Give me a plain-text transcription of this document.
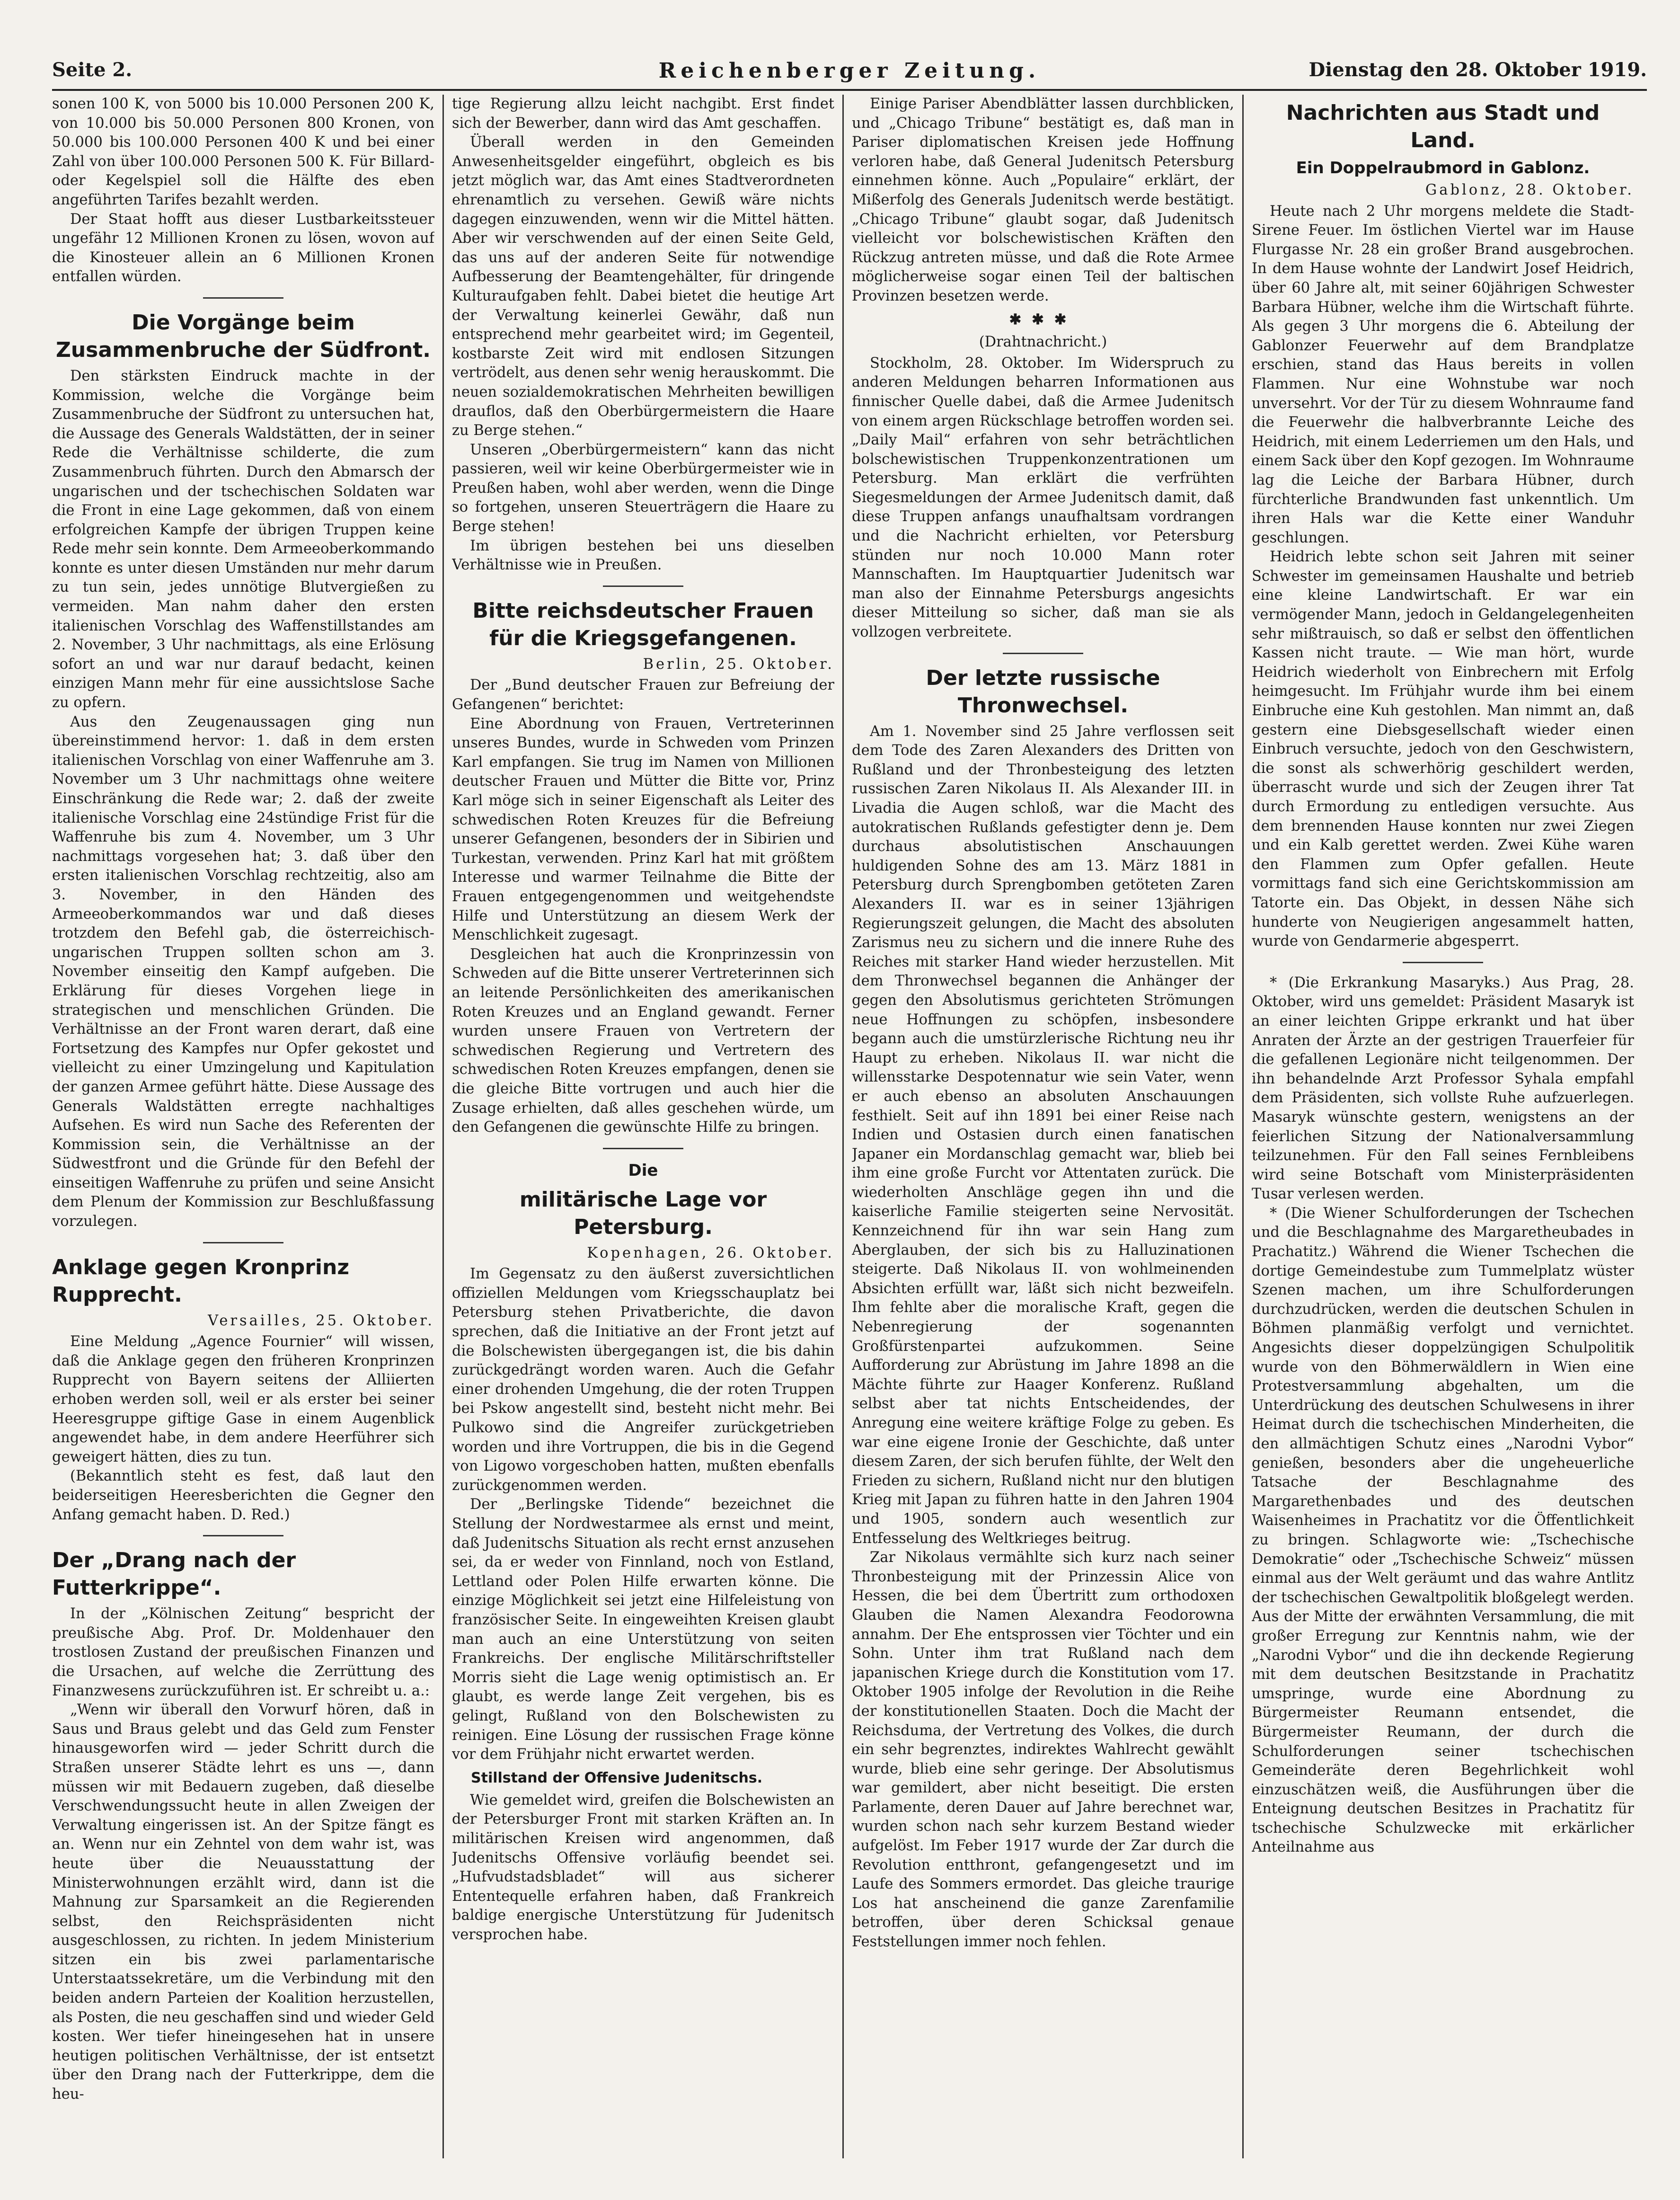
Seite 2.	Reichenberger Zeitung.	Dienstag den 28. Oktober 1919.

sonen 100 K, von 5000 bis 10.000 Personen 200 K, von 10.000 bis 50.000 Personen 800 Kronen, von 50.000 bis 100.000 Personen 400 K und bei einer Zahl von über 100.000 Personen 500 K. Für Billard- oder Kegelspiel soll die Hälfte des eben angeführten Tarifes bezahlt werden.

Der Staat hofft aus dieser Lustbarkeitssteuer ungefähr 12 Millionen Kronen zu lösen, wovon auf die Kinosteuer allein an 6 Millionen Kronen entfallen würden.

Die Vorgänge beim Zusammenbruche der Südfront.

Den stärksten Eindruck machte in der Kommission, welche die Vorgänge beim Zusammenbruche der Südfront zu untersuchen hat, die Aussage des Generals Waldstätten, der in seiner Rede die Verhältnisse schilderte, die zum Zusammenbruch führten. Durch den Abmarsch der ungarischen und der tschechischen Soldaten war die Front in eine Lage gekommen, daß von einem erfolgreichen Kampfe der übrigen Truppen keine Rede mehr sein konnte. Dem Armeeoberkommando konnte es unter diesen Umständen nur mehr darum zu tun sein, jedes unnötige Blutvergießen zu vermeiden. Man nahm daher den ersten italienischen Vorschlag des Waffenstillstandes am 2. November, 3 Uhr nachmittags, als eine Erlösung sofort an und war nur darauf bedacht, keinen einzigen Mann mehr für eine aussichtslose Sache zu opfern.

Aus den Zeugenaussagen ging nun übereinstimmend hervor: 1. daß in dem ersten italienischen Vorschlag von einer Waffenruhe am 3. November um 3 Uhr nachmittags ohne weitere Einschränkung die Rede war; 2. daß der zweite italienische Vorschlag eine 24stündige Frist für die Waffenruhe bis zum 4. November, um 3 Uhr nachmittags vorgesehen hat; 3. daß über den ersten italienischen Vorschlag rechtzeitig, also am 3. November, in den Händen des Armeeoberkommandos war und daß dieses trotzdem den Befehl gab, die österreichisch-ungarischen Truppen sollten schon am 3. November einseitig den Kampf aufgeben. Die Erklärung für dieses Vorgehen liege in strategischen und menschlichen Gründen. Die Verhältnisse an der Front waren derart, daß eine Fortsetzung des Kampfes nur Opfer gekostet und vielleicht zu einer Umzingelung und Kapitulation der ganzen Armee geführt hätte. Diese Aussage des Generals Waldstätten erregte nachhaltiges Aufsehen. Es wird nun Sache des Referenten der Kommission sein, die Verhältnisse an der Südwestfront und die Gründe für den Befehl der einseitigen Waffenruhe zu prüfen und seine Ansicht dem Plenum der Kommission zur Beschlußfassung vorzulegen.

Anklage gegen Kronprinz Rupprecht.
Versailles, 25. Oktober.

Eine Meldung „Agence Fournier“ will wissen, daß die Anklage gegen den früheren Kronprinzen Rupprecht von Bayern seitens der Alliierten erhoben werden soll, weil er als erster bei seiner Heeresgruppe giftige Gase in einem Augenblick angewendet habe, in dem andere Heerführer sich geweigert hätten, dies zu tun.

(Bekanntlich steht es fest, daß laut den beiderseitigen Heeresberichten die Gegner den Anfang gemacht haben. D. Red.)

Der „Drang nach der Futterkrippe“.

In der „Kölnischen Zeitung“ bespricht der preußische Abg. Prof. Dr. Moldenhauer den trostlosen Zustand der preußischen Finanzen und die Ursachen, auf welche die Zerrüttung des Finanzwesens zurückzuführen ist. Er schreibt u. a.:

„Wenn wir überall den Vorwurf hören, daß in Saus und Braus gelebt und das Geld zum Fenster hinausgeworfen wird — jeder Schritt durch die Straßen unserer Städte lehrt es uns —, dann müssen wir mit Bedauern zugeben, daß dieselbe Verschwendungssucht heute in allen Zweigen der Verwaltung eingerissen ist. An der Spitze fängt es an. Wenn nur ein Zehntel von dem wahr ist, was heute über die Neuausstattung der Ministerwohnungen erzählt wird, dann ist die Mahnung zur Sparsamkeit an die Regierenden selbst, den Reichspräsidenten nicht ausgeschlossen, zu richten. In jedem Ministerium sitzen ein bis zwei parlamentarische Unterstaatssekretäre, um die Verbindung mit den beiden andern Parteien der Koalition herzustellen, als Posten, die neu geschaffen sind und wieder Geld kosten. Wer tiefer hineingesehen hat in unsere heutigen politischen Verhältnisse, der ist entsetzt über den Drang nach der Futterkrippe, dem die heu-

tige Regierung allzu leicht nachgibt. Erst findet sich der Bewerber, dann wird das Amt geschaffen.

Überall werden in den Gemeinden Anwesenheitsgelder eingeführt, obgleich es bis jetzt möglich war, das Amt eines Stadtverordneten ehrenamtlich zu versehen. Gewiß wäre nichts dagegen einzuwenden, wenn wir die Mittel hätten. Aber wir verschwenden auf der einen Seite Geld, das uns auf der anderen Seite für notwendige Aufbesserung der Beamtengehälter, für dringende Kulturaufgaben fehlt. Dabei bietet die heutige Art der Verwaltung keinerlei Gewähr, daß nun entsprechend mehr gearbeitet wird; im Gegenteil, kostbarste Zeit wird mit endlosen Sitzungen vertrödelt, aus denen sehr wenig herauskommt. Die neuen sozialdemokratischen Mehrheiten bewilligen drauflos, daß den Oberbürgermeistern die Haare zu Berge stehen.“

Unseren „Oberbürgermeistern“ kann das nicht passieren, weil wir keine Oberbürgermeister wie in Preußen haben, wohl aber werden, wenn die Dinge so fortgehen, unseren Steuerträgern die Haare zu Berge stehen!

Im übrigen bestehen bei uns dieselben Verhältnisse wie in Preußen.

Bitte reichsdeutscher Frauen für die Kriegsgefangenen.
Berlin, 25. Oktober.

Der „Bund deutscher Frauen zur Befreiung der Gefangenen“ berichtet:

Eine Abordnung von Frauen, Vertreterinnen unseres Bundes, wurde in Schweden vom Prinzen Karl empfangen. Sie trug im Namen von Millionen deutscher Frauen und Mütter die Bitte vor, Prinz Karl möge sich in seiner Eigenschaft als Leiter des schwedischen Roten Kreuzes für die Befreiung unserer Gefangenen, besonders der in Sibirien und Turkestan, verwenden. Prinz Karl hat mit größtem Interesse und warmer Teilnahme die Bitte der Frauen entgegengenommen und weitgehendste Hilfe und Unterstützung an diesem Werk der Menschlichkeit zugesagt.

Desgleichen hat auch die Kronprinzessin von Schweden auf die Bitte unserer Vertreterinnen sich an leitende Persönlichkeiten des amerikanischen Roten Kreuzes und an England gewandt. Ferner wurden unsere Frauen von Vertretern der schwedischen Regierung und Vertretern des schwedischen Roten Kreuzes empfangen, denen sie die gleiche Bitte vortrugen und auch hier die Zusage erhielten, daß alles geschehen würde, um den Gefangenen die gewünschte Hilfe zu bringen.

Die
militärische Lage vor Petersburg.
Kopenhagen, 26. Oktober.

Im Gegensatz zu den äußerst zuversichtlichen offiziellen Meldungen vom Kriegsschauplatz bei Petersburg stehen Privatberichte, die davon sprechen, daß die Initiative an der Front jetzt auf die Bolschewisten übergegangen ist, die bis dahin zurückgedrängt worden waren. Auch die Gefahr einer drohenden Umgehung, die der roten Truppen bei Pskow angestellt sind, besteht nicht mehr. Bei Pulkowo sind die Angreifer zurückgetrieben worden und ihre Vortruppen, die bis in die Gegend von Ligowo vorgeschoben hatten, mußten ebenfalls zurückgenommen werden.

Der „Berlingske Tidende“ bezeichnet die Stellung der Nordwestarmee als ernst und meint, daß Judenitschs Situation als recht ernst anzusehen sei, da er weder von Finnland, noch von Estland, Lettland oder Polen Hilfe erwarten könne. Die einzige Möglichkeit sei jetzt eine Hilfeleistung von französischer Seite. In eingeweihten Kreisen glaubt man auch an eine Unterstützung von seiten Frankreichs. Der englische Militärschriftsteller Morris sieht die Lage wenig optimistisch an. Er glaubt, es werde lange Zeit vergehen, bis es gelingt, Rußland von den Bolschewisten zu reinigen. Eine Lösung der russischen Frage könne vor dem Frühjahr nicht erwartet werden.

Stillstand der Offensive Judenitschs.

Wie gemeldet wird, greifen die Bolschewisten an der Petersburger Front mit starken Kräften an. In militärischen Kreisen wird angenommen, daß Judenitschs Offensive vorläufig beendet sei. „Hufvudstadsbladet“ will aus sicherer Ententequelle erfahren haben, daß Frankreich baldige energische Unterstützung für Judenitsch versprochen habe.

Einige Pariser Abendblätter lassen durchblicken, und „Chicago Tribune“ bestätigt es, daß man in Pariser diplomatischen Kreisen jede Hoffnung verloren habe, daß General Judenitsch Petersburg einnehmen könne. Auch „Populaire“ erklärt, der Mißerfolg des Generals Judenitsch werde bestätigt. „Chicago Tribune“ glaubt sogar, daß Judenitsch vielleicht vor bolschewistischen Kräften den Rückzug antreten müsse, und daß die Rote Armee möglicherweise sogar einen Teil der baltischen Provinzen besetzen werde.

✱✱✱
(Drahtnachricht.)

Stockholm, 28. Oktober. Im Widerspruch zu anderen Meldungen beharren Informationen aus finnischer Quelle dabei, daß die Armee Judenitsch von einem argen Rückschlage betroffen worden sei. „Daily Mail“ erfahren von sehr beträchtlichen bolschewistischen Truppenkonzentrationen um Petersburg. Man erklärt die verfrühten Siegesmeldungen der Armee Judenitsch damit, daß diese Truppen anfangs unaufhaltsam vordrangen und die Nachricht erhielten, vor Petersburg stünden nur noch 10.000 Mann roter Mannschaften. Im Hauptquartier Judenitsch war man also der Einnahme Petersburgs angesichts dieser Mitteilung so sicher, daß man sie als vollzogen verbreitete.

Der letzte russische Thronwechsel.

Am 1. November sind 25 Jahre verflossen seit dem Tode des Zaren Alexanders des Dritten von Rußland und der Thronbesteigung des letzten russischen Zaren Nikolaus II. Als Alexander III. in Livadia die Augen schloß, war die Macht des autokratischen Rußlands gefestigter denn je. Dem durchaus absolutistischen Anschauungen huldigenden Sohne des am 13. März 1881 in Petersburg durch Sprengbomben getöteten Zaren Alexanders II. war es in seiner 13jährigen Regierungszeit gelungen, die Macht des absoluten Zarismus neu zu sichern und die innere Ruhe des Reiches mit starker Hand wieder herzustellen. Mit dem Thronwechsel begannen die Anhänger der gegen den Absolutismus gerichteten Strömungen neue Hoffnungen zu schöpfen, insbesondere begann auch die umstürzlerische Richtung neu ihr Haupt zu erheben. Nikolaus II. war nicht die willensstarke Despotennatur wie sein Vater, wenn er auch ebenso an absoluten Anschauungen festhielt. Seit auf ihn 1891 bei einer Reise nach Indien und Ostasien durch einen fanatischen Japaner ein Mordanschlag gemacht war, blieb bei ihm eine große Furcht vor Attentaten zurück. Die wiederholten Anschläge gegen ihn und die kaiserliche Familie steigerten seine Nervosität. Kennzeichnend für ihn war sein Hang zum Aberglauben, der sich bis zu Halluzinationen steigerte. Daß Nikolaus II. von wohlmeinenden Absichten erfüllt war, läßt sich nicht bezweifeln. Ihm fehlte aber die moralische Kraft, gegen die Nebenregierung der sogenannten Großfürstenpartei aufzukommen. Seine Aufforderung zur Abrüstung im Jahre 1898 an die Mächte führte zur Haager Konferenz. Rußland selbst aber tat nichts Entscheidendes, der Anregung eine weitere kräftige Folge zu geben. Es war eine eigene Ironie der Geschichte, daß unter diesem Zaren, der sich berufen fühlte, der Welt den Frieden zu sichern, Rußland nicht nur den blutigen Krieg mit Japan zu führen hatte in den Jahren 1904 und 1905, sondern auch wesentlich zur Entfesselung des Weltkrieges beitrug.

Zar Nikolaus vermählte sich kurz nach seiner Thronbesteigung mit der Prinzessin Alice von Hessen, die bei dem Übertritt zum orthodoxen Glauben die Namen Alexandra Feodorowna annahm. Der Ehe entsprossen vier Töchter und ein Sohn. Unter ihm trat Rußland nach dem japanischen Kriege durch die Konstitution vom 17. Oktober 1905 infolge der Revolution in die Reihe der konstitutionellen Staaten. Doch die Macht der Reichsduma, der Vertretung des Volkes, die durch ein sehr begrenztes, indirektes Wahlrecht gewählt wurde, blieb eine sehr geringe. Der Absolutismus war gemildert, aber nicht beseitigt. Die ersten Parlamente, deren Dauer auf Jahre berechnet war, wurden schon nach sehr kurzem Bestand wieder aufgelöst. Im Feber 1917 wurde der Zar durch die Revolution entthront, gefangengesetzt und im Laufe des Sommers ermordet. Das gleiche traurige Los hat anscheinend die ganze Zarenfamilie betroffen, über deren Schicksal genaue Feststellungen immer noch fehlen.

Nachrichten aus Stadt und Land.
Ein Doppelraubmord in Gablonz.
Gablonz, 28. Oktober.

Heute nach 2 Uhr morgens meldete die Stadt-Sirene Feuer. Im östlichen Viertel war im Hause Flurgasse Nr. 28 ein großer Brand ausgebrochen. In dem Hause wohnte der Landwirt Josef Heidrich, über 60 Jahre alt, mit seiner 60jährigen Schwester Barbara Hübner, welche ihm die Wirtschaft führte. Als gegen 3 Uhr morgens die 6. Abteilung der Gablonzer Feuerwehr auf dem Brandplatze erschien, stand das Haus bereits in vollen Flammen. Nur eine Wohnstube war noch unversehrt. Vor der Tür zu diesem Wohnraume fand die Feuerwehr die halbverbrannte Leiche des Heidrich, mit einem Lederriemen um den Hals, und einem Sack über den Kopf gezogen. Im Wohnraume lag die Leiche der Barbara Hübner, durch fürchterliche Brandwunden fast unkenntlich. Um ihren Hals war die Kette einer Wanduhr geschlungen.

Heidrich lebte schon seit Jahren mit seiner Schwester im gemeinsamen Haushalte und betrieb eine kleine Landwirtschaft. Er war ein vermögender Mann, jedoch in Geldangelegenheiten sehr mißtrauisch, so daß er selbst den öffentlichen Kassen nicht traute. — Wie man hört, wurde Heidrich wiederholt von Einbrechern mit Erfolg heimgesucht. Im Frühjahr wurde ihm bei einem Einbruche eine Kuh gestohlen. Man nimmt an, daß gestern eine Diebsgesellschaft wieder einen Einbruch versuchte, jedoch von den Geschwistern, die sonst als schwerhörig geschildert werden, überrascht wurde und sich der Zeugen ihrer Tat durch Ermordung zu entledigen versuchte. Aus dem brennenden Hause konnten nur zwei Ziegen und ein Kalb gerettet werden. Zwei Kühe waren den Flammen zum Opfer gefallen. Heute vormittags fand sich eine Gerichtskommission am Tatorte ein. Das Objekt, in dessen Nähe sich hunderte von Neugierigen angesammelt hatten, wurde von Gendarmerie abgesperrt.

* (Die Erkrankung Masaryks.) Aus Prag, 28. Oktober, wird uns gemeldet: Präsident Masaryk ist an einer leichten Grippe erkrankt und hat über Anraten der Ärzte an der gestrigen Trauerfeier für die gefallenen Legionäre nicht teilgenommen. Der ihn behandelnde Arzt Professor Syhala empfahl dem Präsidenten, sich vollste Ruhe aufzuerlegen. Masaryk wünschte gestern, wenigstens an der feierlichen Sitzung der Nationalversammlung teilzunehmen. Für den Fall seines Fernbleibens wird seine Botschaft vom Ministerpräsidenten Tusar verlesen werden.

* (Die Wiener Schulforderungen der Tschechen und die Beschlagnahme des Margaretheubades in Prachatitz.) Während die Wiener Tschechen die dortige Gemeindestube zum Tummelplatz wüster Szenen machen, um ihre Schulforderungen durchzudrücken, werden die deutschen Schulen in Böhmen planmäßig verfolgt und vernichtet. Angesichts dieser doppelzüngigen Schulpolitik wurde von den Böhmerwäldlern in Wien eine Protestversammlung abgehalten, um die Unterdrückung des deutschen Schulwesens in ihrer Heimat durch die tschechischen Minderheiten, die den allmächtigen Schutz eines „Narodni Vybor“ genießen, besonders aber die ungeheuerliche Tatsache der Beschlagnahme des Margarethenbades und des deutschen Waisenheimes in Prachatitz vor die Öffentlichkeit zu bringen. Schlagworte wie: „Tschechische Demokratie“ oder „Tschechische Schweiz“ müssen einmal aus der Welt geräumt und das wahre Antlitz der tschechischen Gewaltpolitik bloßgelegt werden. Aus der Mitte der erwähnten Versammlung, die mit großer Erregung zur Kenntnis nahm, wie der „Narodni Vybor“ und die ihn deckende Regierung mit dem deutschen Besitzstande in Prachatitz umspringe, wurde eine Abordnung zu Bürgermeister Reumann entsendet, die Bürgermeister Reumann, der durch die Schulforderungen seiner tschechischen Gemeinderäte deren Begehrlichkeit wohl einzuschätzen weiß, die Ausführungen über die Enteignung deutschen Besitzes in Prachatitz für tschechische Schulzwecke mit erkärlicher Anteilnahme aus
